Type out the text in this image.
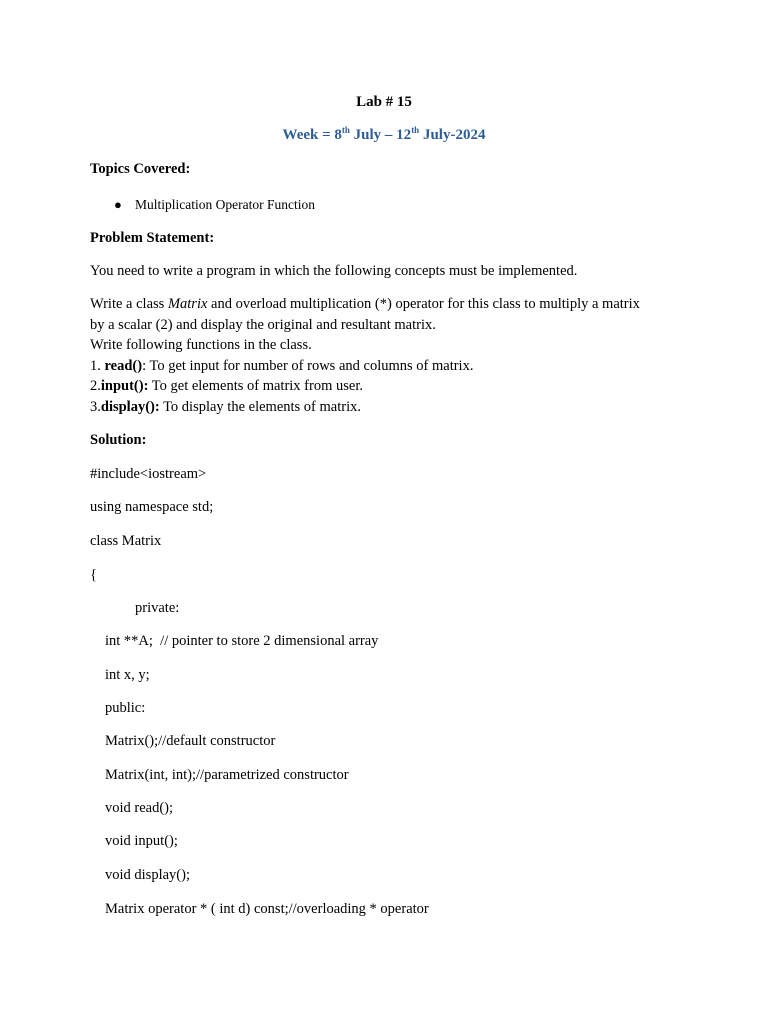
Lab # 15
Week = 8th July – 12th July-2024
Topics Covered:
● Multiplication Operator Function
Problem Statement:
You need to write a program in which the following concepts must be implemented.
Write a class Matrix and overload multiplication (*) operator for this class to multiply a matrix
by a scalar (2) and display the original and resultant matrix.
Write following functions in the class.
1. read(): To get input for number of rows and columns of matrix.
2.input(): To get elements of matrix from user.
3.display(): To display the elements of matrix.
Solution:
#include<iostream>
using namespace std;
class Matrix
{
private:
int **A;  // pointer to store 2 dimensional array
int x, y;
public:
Matrix();//default constructor
Matrix(int, int);//parametrized constructor
void read();
void input();
void display();
Matrix operator * ( int d) const;//overloading * operator
